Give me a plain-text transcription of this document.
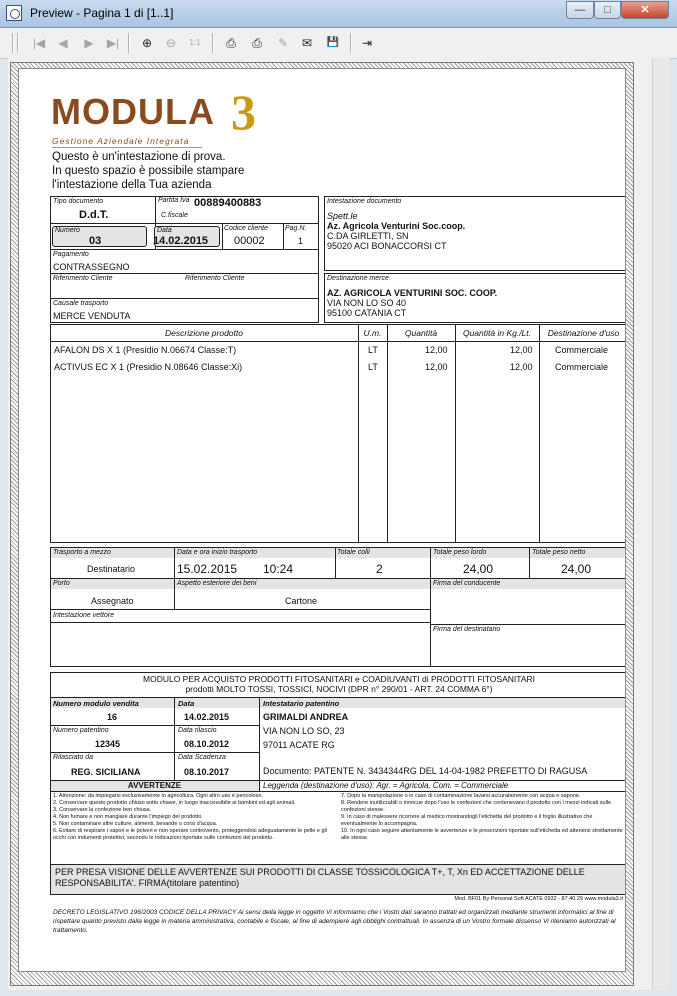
Preview - Pagina 1 di [1..1]	—	□	✕
|◀	◀	▶	▶|	⊕	⊖	1:1	⎙	⎙	✎	✉	💾	⇥
MODULA 3
Gestione Aziendale Integrata
Questo è un'intestazione di prova.
In questo spazio è possibile stampare
l'intestazione della Tua azienda
Tipo documento
D.d.T.
Partita Iva 00889400883
C.fiscale
Numero
03
Data
14.02.2015
Codice cliente
00002
Pag.N.
1
Pagamento
CONTRASSEGNO
Riferimento Cliente	Riferimento Cliente
Causale trasporto
MERCE VENDUTA
Intestazione documento
Spett.le
Az. Agricola Venturini Soc.coop.
C.DA GIRLETTI, SN
95020 ACI BONACCORSI CT
Destinazione merce
AZ. AGRICOLA VENTURINI SOC. COOP.
VIA NON LO SO 40
95100 CATANIA CT
Descrizione prodotto	U.m.	Quantità	Quantità in Kg./Lt.	Destinazione d'uso
AFALON DS X 1 (Presidio N.06674 Classe:T)	LT	12,00	12,00 Commerciale
ACTIVUS EC X 1 (Presidio N.08646 Classe:Xi)	LT	12,00	12,00 Commerciale
Trasporto a mezzo
Destinatario
Data e ora inizio trasporto
15.02.2015 10:24
Totale colli
2
Totale peso lordo
24,00
Totale peso netto
24,00
Porto
Assegnato
Aspetto esteriore dei beni
Cartone
Intestazione vettore
Firma del conducente
Firma del destinatario
MODULO PER ACQUISTO PRODOTTI FITOSANITARI e COADIUVANTI di PRODOTTI FITOSANITARI
prodotti MOLTO TOSSI, TOSSICI, NOCIVI (DPR n° 290/01 - ART. 24 COMMA 6°)
Numero modulo vendita
16
Data
14.02.2015
Intestatario patentino
GRIMALDI ANDREA
VIA NON LO SO, 23
97011 ACATE RG
Documento: PATENTE N. 3434344RG DEL 14-04-1982 PREFETTO DI RAGUSA
Numero patentino
12345
Data rilascio
08.10.2012
Rilasciato da
REG. SICILIANA
Data Scadenza
08.10.2017
AVVERTENZE	Leggenda (destinazione d'uso): Agr. = Agricola, Com. = Commerciale
1. Attenzione: da impiegarsi esclusivamente in agricoltura. Ogni altro uso è pericoloso.
2. Conservare questo prodotto chiuso sotto chiave, in luogo inaccessibile ai bambini ed agli animali.
3. Conservare la confezione ben chiusa.
4. Non fumare e non mangiare durante l'impiego del prodotto.
5. Non contaminare altre culture, alimenti, bevande o corsi d'acqua.
6. Evitare di respirare i vapori e le polveri e non operare controvento, proteggendosi adeguatamente le pelle e gli occhi con indumenti protettivi, secondo le indicazioni riportate sulle confezioni del prodotto.
7. Dopo la manipolazione o in caso di contaminazione lavarsi accuratamente con acqua e sapone.
8. Rendere inutilizzabili o innocue dopo l'uso le confezioni che contenevano il prodotto con i mezzi indicati sulle confezioni stesse.
9. In caso di malessere ricorrere al medico mostrandogli l'etichetta del prodotto e il foglio illustrativo che eventualmente lo accompagna.
10. In ogni caso seguire attentamente le avvertenze e le prescrizioni riportate sull'etichetta ed attenersi strettamente alle stesse.
PER PRESA VISIONE DELLE AVVERTENZE SUI PRODOTTI DI CLASSE TOSSICOLOGICA T+, T, Xn ED ACCETTAZIONE DELLE RESPONSABILITA'. FIRMA(titolare patentino)
Mod. BF01 By Personal Soft ACATE 0932 - 87 40 29 www.modula3.it
DECRETO LEGISLATIVO 196/2003 CODICE DELLA PRIVACY Ai sensi della legge in oggetto Vi informiamo che i Vostri dati saranno trattati ed organizzati mediante strumenti informatici al fine di rispettare quanto previsto dalla legge in materia amministrativa, contabile e fiscale, al fine di adempiere agli obblighi contrattuali. In assenza di un Vostro formale dissenso Vi riteniamo autorizzati al trattamento.
